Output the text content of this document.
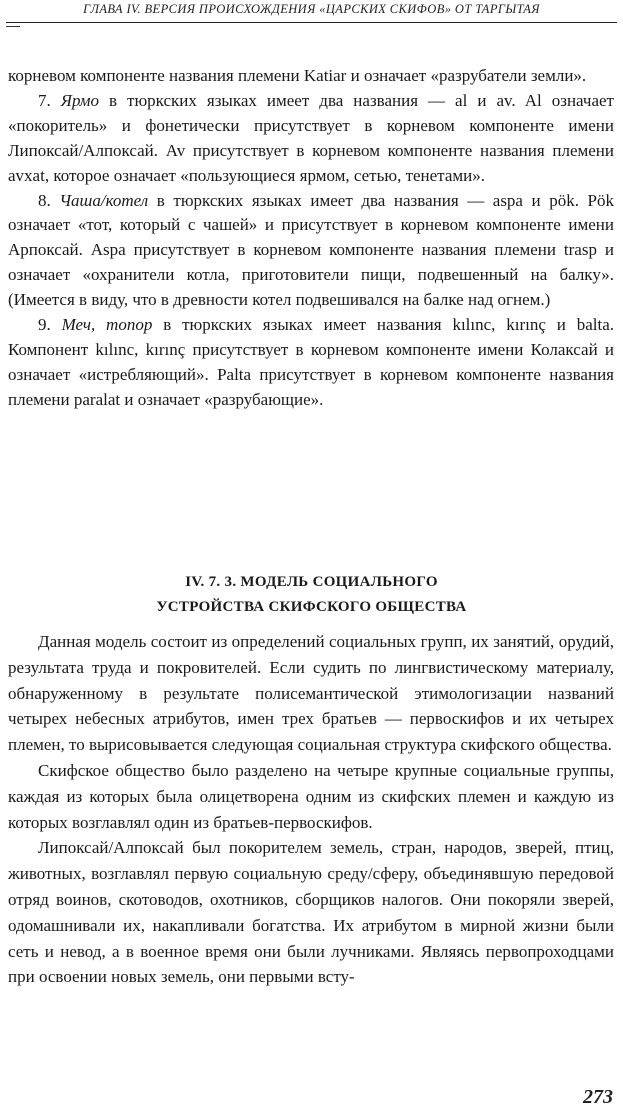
ГЛАВА IV. ВЕРСИЯ ПРОИСХОЖДЕНИЯ «ЦАРСКИХ СКИФОВ» ОТ ТАРГЫТАЯ

корневом компоненте названия племени Katiar и означает «разрубатели земли».

7. Ярмо в тюркских языках имеет два названия — al и av. Al означает «покоритель» и фонетически присутствует в корневом компоненте имени Липоксай/Алпоксай. Av присутствует в корневом компоненте названия племени avxat, которое означает «пользующиеся ярмом, сетью, тенетами».

8. Чаша/котел в тюркских языках имеет два названия — aspa и pök. Pök означает «тот, который с чашей» и присутствует в корневом компоненте имени Арпоксай. Aspa присутствует в корневом компоненте названия племени trasp и означает «охранители котла, приготовители пищи, подвешенный на балку». (Имеется в виду, что в древности котел подвешивался на балке над огнем.)

9. Меч, топор в тюркских языках имеет названия kılınc, kırınç и balta. Компонент kılınc, kırınç присутствует в корневом компоненте имени Колаксай и означает «истребляющий». Palta присутствует в корневом компоненте названия племени paralat и означает «разрубающие».

IV. 7. 3. МОДЕЛЬ СОЦИАЛЬНОГО
УСТРОЙСТВА СКИФСКОГО ОБЩЕСТВА

Данная модель состоит из определений социальных групп, их занятий, орудий, результата труда и покровителей. Если судить по лингвистическому материалу, обнаруженному в результате полисемантической этимологизации названий четырех небесных атрибутов, имен трех братьев — первоскифов и их четырех племен, то вырисовывается следующая социальная структура скифского общества.

Скифское общество было разделено на четыре крупные социальные группы, каждая из которых была олицетворена одним из скифских племен и каждую из которых возглавлял один из братьев-первоскифов.

Липоксай/Алпоксай был покорителем земель, стран, народов, зверей, птиц, животных, возглавлял первую социальную среду/сферу, объединявшую передовой отряд воинов, скотоводов, охотников, сборщиков налогов. Они покоряли зверей, одомашнивали их, накапливали богатства. Их атрибутом в мирной жизни были сеть и невод, а в военное время они были лучниками. Являясь первопроходцами при освоении новых земель, они первыми всту-

273
